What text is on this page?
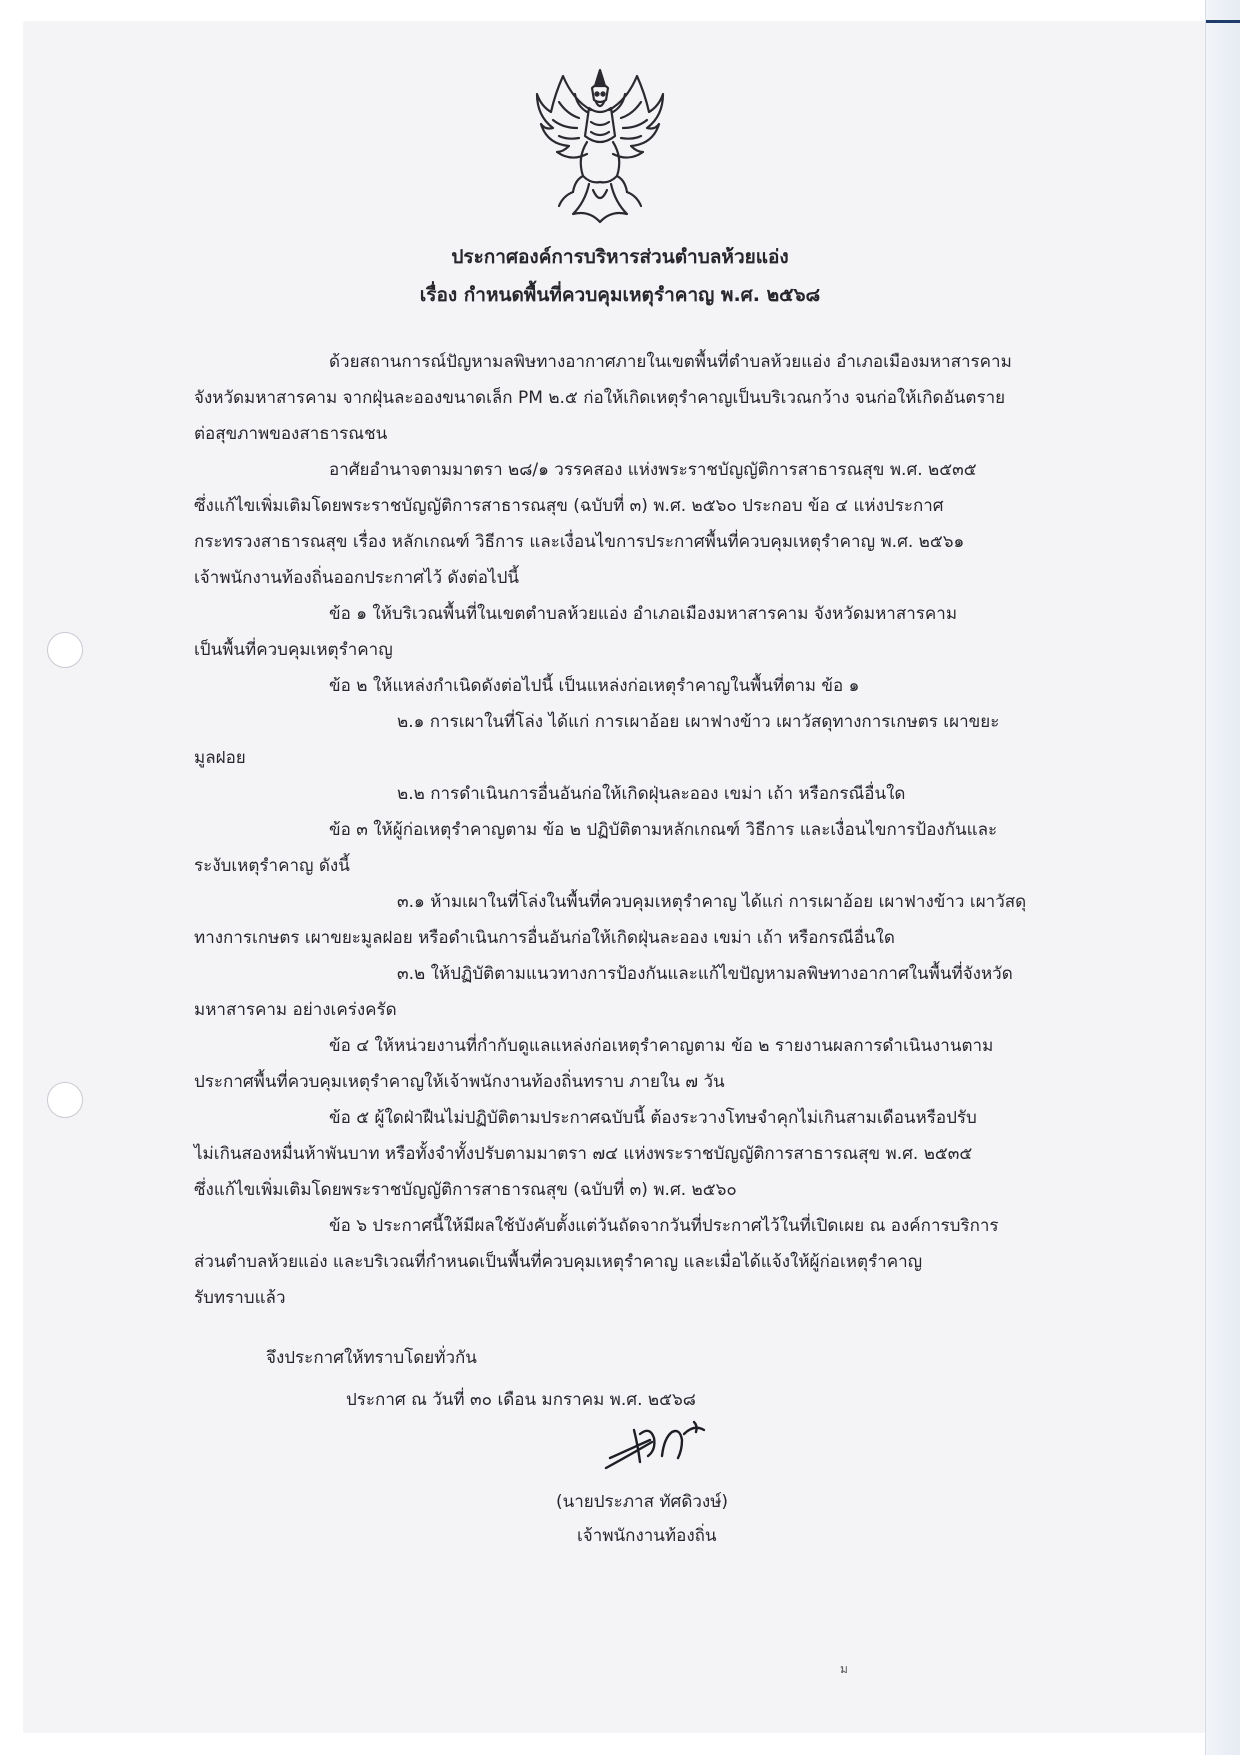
ประกาศองค์การบริหารส่วนตำบลห้วยแอ่ง
เรื่อง กำหนดพื้นที่ควบคุมเหตุรำคาญ พ.ศ. ๒๕๖๘
ด้วยสถานการณ์ปัญหามลพิษทางอากาศภายในเขตพื้นที่ตำบลห้วยแอ่ง อำเภอเมืองมหาสารคาม
จังหวัดมหาสารคาม จากฝุ่นละอองขนาดเล็ก PM ๒.๕ ก่อให้เกิดเหตุรำคาญเป็นบริเวณกว้าง จนก่อให้เกิดอันตราย
ต่อสุขภาพของสาธารณชน
อาศัยอำนาจตามมาตรา ๒๘/๑ วรรคสอง แห่งพระราชบัญญัติการสาธารณสุข พ.ศ. ๒๕๓๕
ซึ่งแก้ไขเพิ่มเติมโดยพระราชบัญญัติการสาธารณสุข (ฉบับที่ ๓) พ.ศ. ๒๕๖๐ ประกอบ ข้อ ๔ แห่งประกาศ
กระทรวงสาธารณสุข เรื่อง หลักเกณฑ์ วิธีการ และเงื่อนไขการประกาศพื้นที่ควบคุมเหตุรำคาญ พ.ศ. ๒๕๖๑
เจ้าพนักงานท้องถิ่นออกประกาศไว้ ดังต่อไปนี้
ข้อ ๑ ให้บริเวณพื้นที่ในเขตตำบลห้วยแอ่ง อำเภอเมืองมหาสารคาม จังหวัดมหาสารคาม
เป็นพื้นที่ควบคุมเหตุรำคาญ
ข้อ ๒ ให้แหล่งกำเนิดดังต่อไปนี้ เป็นแหล่งก่อเหตุรำคาญในพื้นที่ตาม ข้อ ๑
๒.๑ การเผาในที่โล่ง ได้แก่ การเผาอ้อย เผาฟางข้าว เผาวัสดุทางการเกษตร เผาขยะ
มูลฝอย
๒.๒ การดำเนินการอื่นอันก่อให้เกิดฝุ่นละออง เขม่า เถ้า หรือกรณีอื่นใด
ข้อ ๓ ให้ผู้ก่อเหตุรำคาญตาม ข้อ ๒ ปฏิบัติตามหลักเกณฑ์ วิธีการ และเงื่อนไขการป้องกันและ
ระงับเหตุรำคาญ ดังนี้
๓.๑ ห้ามเผาในที่โล่งในพื้นที่ควบคุมเหตุรำคาญ ได้แก่ การเผาอ้อย เผาฟางข้าว เผาวัสดุ
ทางการเกษตร เผาขยะมูลฝอย หรือดำเนินการอื่นอันก่อให้เกิดฝุ่นละออง เขม่า เถ้า หรือกรณีอื่นใด
๓.๒ ให้ปฏิบัติตามแนวทางการป้องกันและแก้ไขปัญหามลพิษทางอากาศในพื้นที่จังหวัด
มหาสารคาม อย่างเคร่งครัด
ข้อ ๔ ให้หน่วยงานที่กำกับดูแลแหล่งก่อเหตุรำคาญตาม ข้อ ๒ รายงานผลการดำเนินงานตาม
ประกาศพื้นที่ควบคุมเหตุรำคาญให้เจ้าพนักงานท้องถิ่นทราบ ภายใน ๗ วัน
ข้อ ๕ ผู้ใดฝ่าฝืนไม่ปฏิบัติตามประกาศฉบับนี้ ต้องระวางโทษจำคุกไม่เกินสามเดือนหรือปรับ
ไม่เกินสองหมื่นห้าพันบาท หรือทั้งจำทั้งปรับตามมาตรา ๗๔ แห่งพระราชบัญญัติการสาธารณสุข พ.ศ. ๒๕๓๕
ซึ่งแก้ไขเพิ่มเติมโดยพระราชบัญญัติการสาธารณสุข (ฉบับที่ ๓) พ.ศ. ๒๕๖๐
ข้อ ๖ ประกาศนี้ให้มีผลใช้บังคับตั้งแต่วันถัดจากวันที่ประกาศไว้ในที่เปิดเผย ณ องค์การบริการ
ส่วนตำบลห้วยแอ่ง และบริเวณที่กำหนดเป็นพื้นที่ควบคุมเหตุรำคาญ และเมื่อได้แจ้งให้ผู้ก่อเหตุรำคาญ
รับทราบแล้ว
จึงประกาศให้ทราบโดยทั่วกัน
ประกาศ ณ วันที่ ๓๐ เดือน มกราคม พ.ศ. ๒๕๖๘
(นายประภาส ทัศดิวงษ์)
เจ้าพนักงานท้องถิ่น
ม
